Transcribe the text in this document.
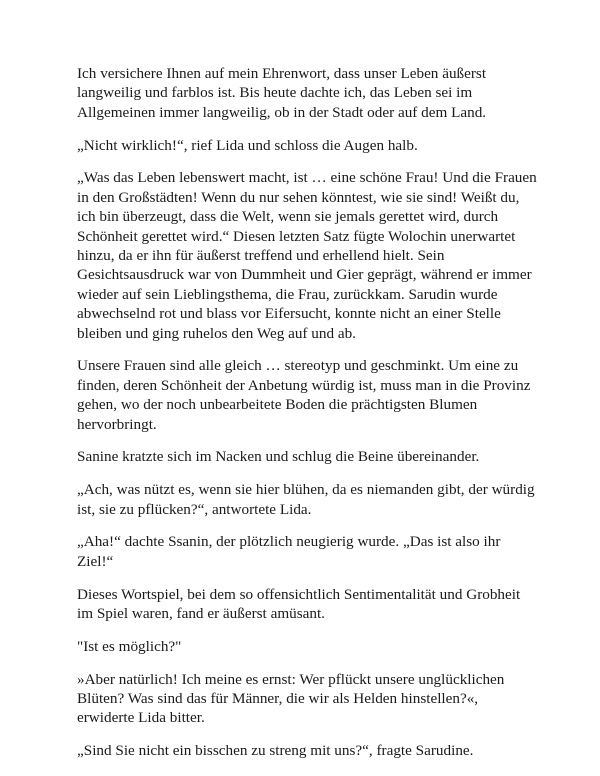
Ich versichere Ihnen auf mein Ehrenwort, dass unser Leben äußerst langweilig und farblos ist. Bis heute dachte ich, das Leben sei im Allgemeinen immer langweilig, ob in der Stadt oder auf dem Land.

„Nicht wirklich!“, rief Lida und schloss die Augen halb.

„Was das Leben lebenswert macht, ist … eine schöne Frau! Und die Frauen in den Großstädten! Wenn du nur sehen könntest, wie sie sind! Weißt du, ich bin überzeugt, dass die Welt, wenn sie jemals gerettet wird, durch Schönheit gerettet wird.“ Diesen letzten Satz fügte Wolochin unerwartet hinzu, da er ihn für äußerst treffend und erhellend hielt. Sein Gesichtsausdruck war von Dummheit und Gier geprägt, während er immer wieder auf sein Lieblingsthema, die Frau, zurückkam. Sarudin wurde abwechselnd rot und blass vor Eifersucht, konnte nicht an einer Stelle bleiben und ging ruhelos den Weg auf und ab.

Unsere Frauen sind alle gleich … stereotyp und geschminkt. Um eine zu finden, deren Schönheit der Anbetung würdig ist, muss man in die Provinz gehen, wo der noch unbearbeitete Boden die prächtigsten Blumen hervorbringt.

Sanine kratzte sich im Nacken und schlug die Beine übereinander.

„Ach, was nützt es, wenn sie hier blühen, da es niemanden gibt, der würdig ist, sie zu pflücken?“, antwortete Lida.

„Aha!“ dachte Ssanin, der plötzlich neugierig wurde. „Das ist also ihr Ziel!“

Dieses Wortspiel, bei dem so offensichtlich Sentimentalität und Grobheit im Spiel waren, fand er äußerst amüsant.

"Ist es möglich?"

»Aber natürlich! Ich meine es ernst: Wer pflückt unsere unglücklichen Blüten? Was sind das für Männer, die wir als Helden hinstellen?«, erwiderte Lida bitter.

„Sind Sie nicht ein bisschen zu streng mit uns?“, fragte Sarudine.
